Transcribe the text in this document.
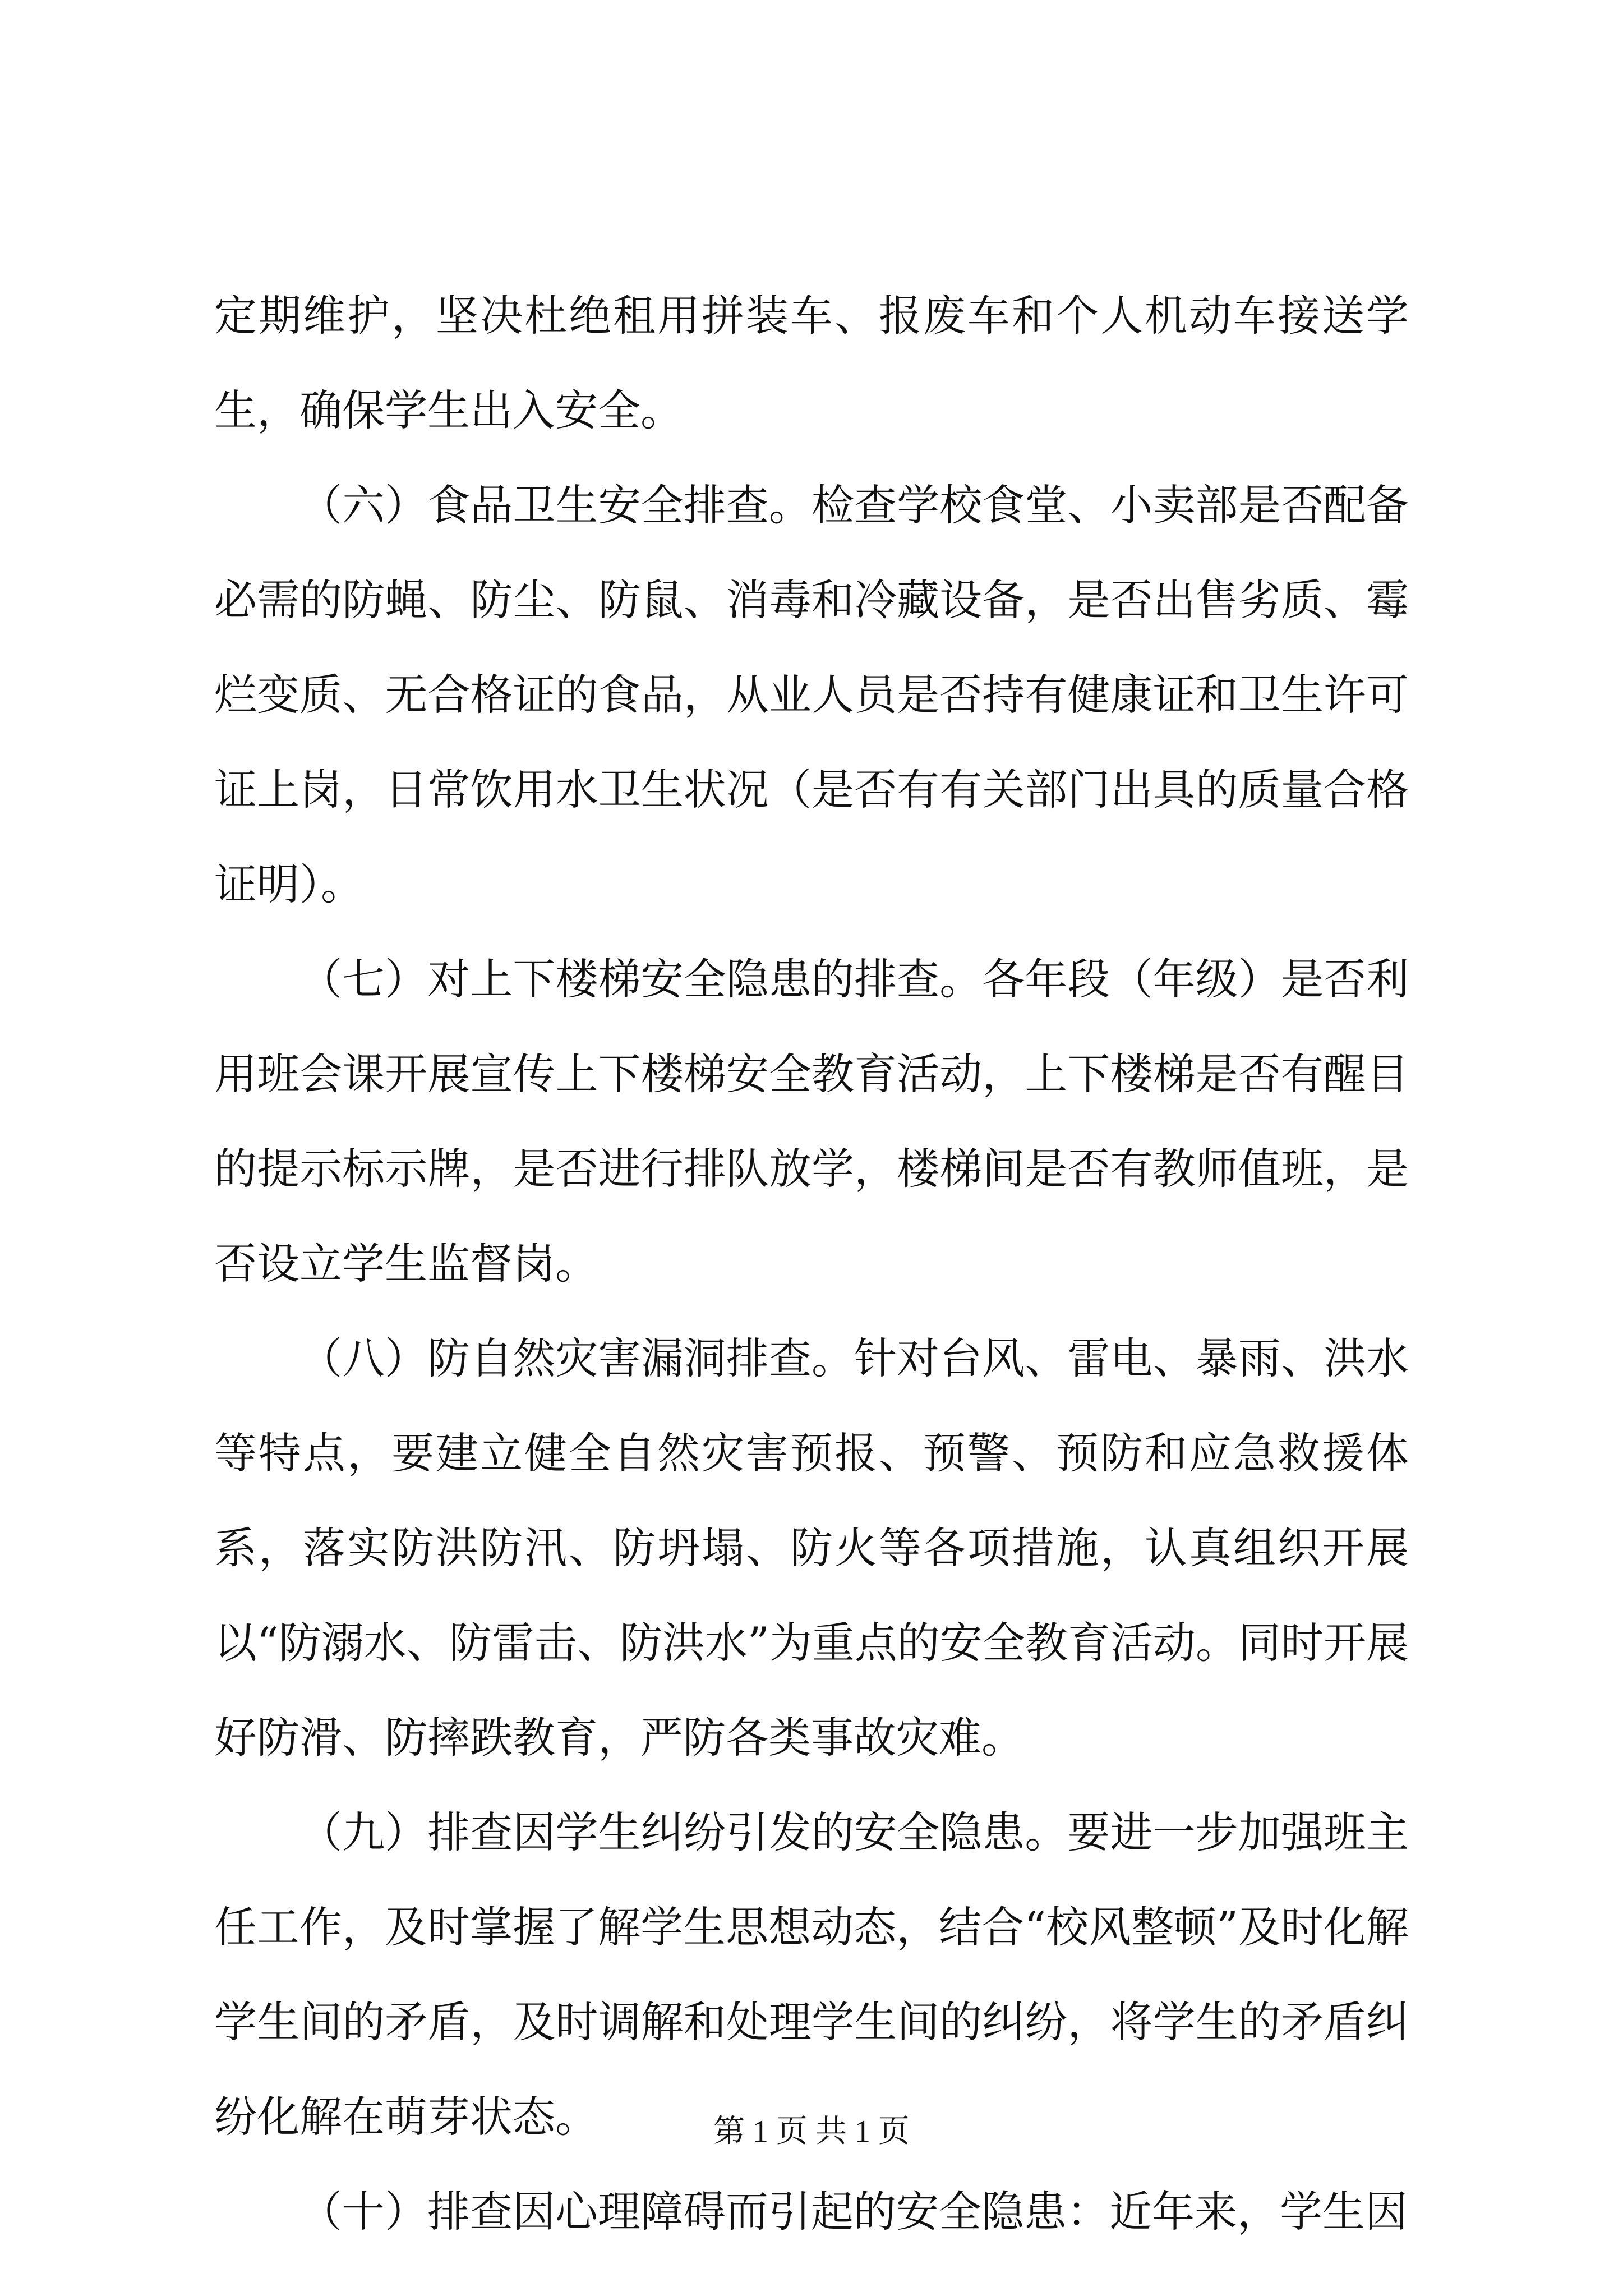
定期维护，坚决杜绝租用拼装车、报废车和个人机动车接送学生，确保学生出入安全。

（六）食品卫生安全排查。检查学校食堂、小卖部是否配备必需的防蝇、防尘、防鼠、消毒和冷藏设备，是否出售劣质、霉烂变质、无合格证的食品，从业人员是否持有健康证和卫生许可证上岗，日常饮用水卫生状况（是否有有关部门出具的质量合格证明）。

（七）对上下楼梯安全隐患的排查。各年段（年级）是否利用班会课开展宣传上下楼梯安全教育活动，上下楼梯是否有醒目的提示标示牌，是否进行排队放学，楼梯间是否有教师值班，是否设立学生监督岗。

（八）防自然灾害漏洞排查。针对台风、雷电、暴雨、洪水等特点，要建立健全自然灾害预报、预警、预防和应急救援体系，落实防洪防汛、防坍塌、防火等各项措施，认真组织开展以“防溺水、防雷击、防洪水”为重点的安全教育活动。同时开展好防滑、防摔跌教育，严防各类事故灾难。

（九）排查因学生纠纷引发的安全隐患。要进一步加强班主任工作，及时掌握了解学生思想动态，结合“校风整顿”及时化解学生间的矛盾，及时调解和处理学生间的纠纷，将学生的矛盾纠纷化解在萌芽状态。

（十）排查因心理障碍而引起的安全隐患：近年来，学生因

第 1 页 共 1 页
